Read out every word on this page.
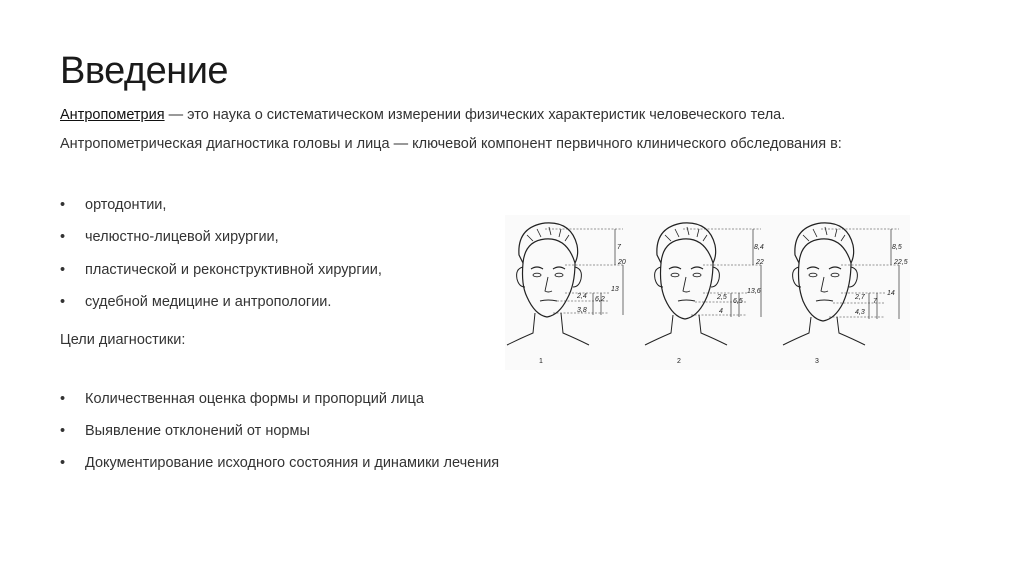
Введение

Антропометрия — это наука о систематическом измерении физических характеристик человеческого тела.

Антропометрическая диагностика головы и лица — ключевой компонент первичного клинического обследования в:

• ортодонтии,
• челюстно-лицевой хирургии,
• пластической и реконструктивной хирургии,
• судебной медицине и антропологии.

Цели диагностики:

• Количественная оценка формы и пропорций лица
• Выявление отклонений от нормы
• Документирование исходного состояния и динамики лечения
7
20
13
2,4 6,2
3,8
1
8,4
22
13,6
2,5
6,5
4
2
8,5
22,5
14
2,7
7
4,3
3
